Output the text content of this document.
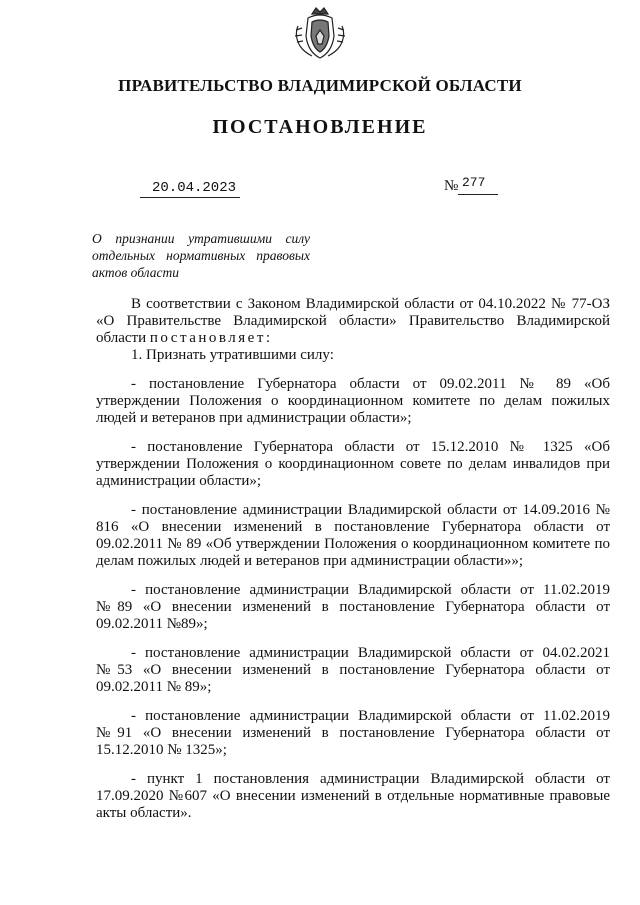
ПРАВИТЕЛЬСТВО ВЛАДИМИРСКОЙ ОБЛАСТИ
ПОСТАНОВЛЕНИЕ
20.04.2023	№ 277

О признании утратившими силу

отдельных нормативных правовых

актов области

В соответствии с Законом Владимирской области от 04.10.2022 № 77-ОЗ «О Правительстве Владимирской области» Правительство Владимирской области постановляет:

1. Признать утратившими силу:

- постановление Губернатора области от 09.02.2011 № 89 «Об утверждении Положения о координационном комитете по делам пожилых людей и ветеранов при администрации области»;

- постановление Губернатора области от 15.12.2010 № 1325 «Об утверждении Положения о координационном совете по делам инвалидов при администрации области»;

- постановление администрации Владимирской области от 14.09.2016 № 816 «О внесении изменений в постановление Губернатора области от 09.02.2011 № 89 «Об утверждении Положения о координационном комитете по делам пожилых людей и ветеранов при администрации области»»;

- постановление администрации Владимирской области от 11.02.2019 №89 «О внесении изменений в постановление Губернатора области от 09.02.2011 №89»;

- постановление администрации Владимирской области от 04.02.2021 №53 «О внесении изменений в постановление Губернатора области от 09.02.2011 № 89»;

- постановление администрации Владимирской области от 11.02.2019 №91 «О внесении изменений в постановление Губернатора области от 15.12.2010 № 1325»;

- пункт 1 постановления администрации Владимирской области от 17.09.2020 №607 «О внесении изменений в отдельные нормативные правовые акты области».
